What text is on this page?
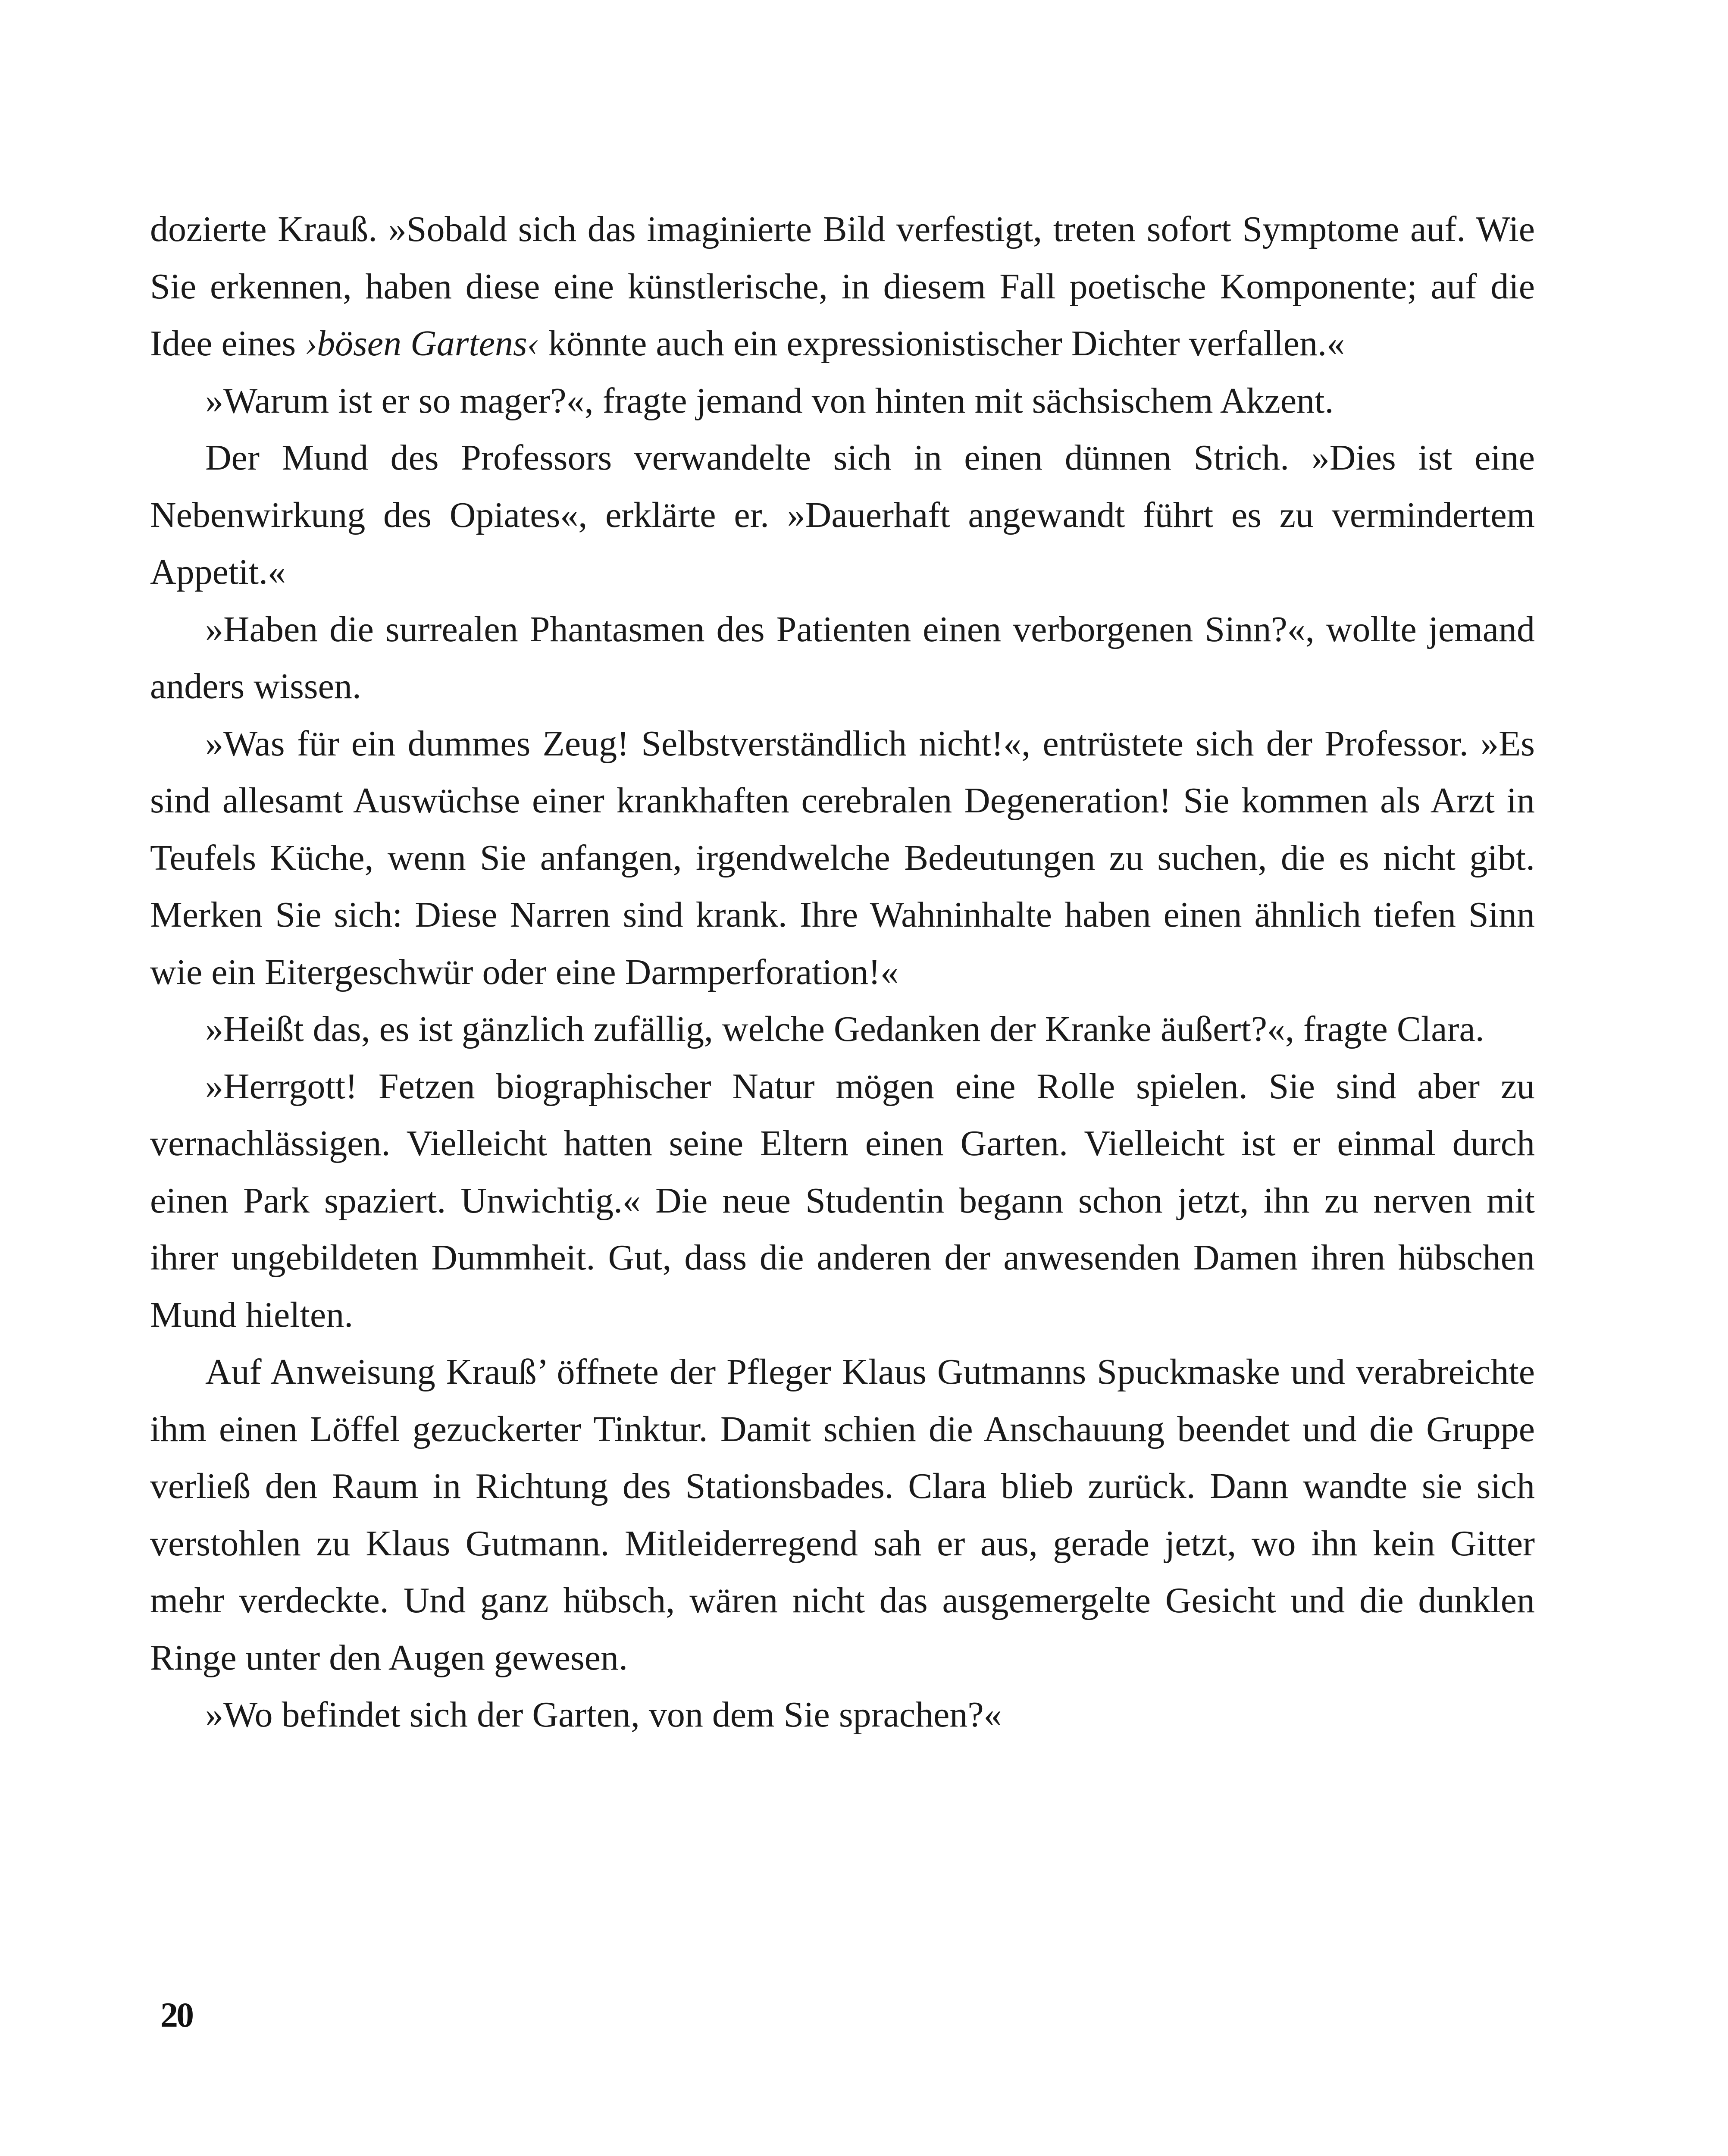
dozierte Krauß. »Sobald sich das imaginierte Bild verfestigt, treten sofort Symptome auf. Wie Sie erkennen, haben diese eine künstlerische, in diesem Fall poetische Komponente; auf die Idee eines ›bösen Gartens‹ könnte auch ein expressionistischer Dichter verfallen.«

»Warum ist er so mager?«, fragte jemand von hinten mit sächsischem Akzent.

Der Mund des Professors verwandelte sich in einen dünnen Strich. »Dies ist eine Nebenwirkung des Opiates«, erklärte er. »Dauerhaft angewandt führt es zu vermindertem Appetit.«

»Haben die surrealen Phantasmen des Patienten einen verborgenen Sinn?«, wollte jemand anders wissen.

»Was für ein dummes Zeug! Selbstverständlich nicht!«, entrüstete sich der Professor. »Es sind allesamt Auswüchse einer krankhaften cerebralen Degeneration! Sie kommen als Arzt in Teufels Küche, wenn Sie anfangen, irgendwelche Bedeutungen zu suchen, die es nicht gibt. Merken Sie sich: Diese Narren sind krank. Ihre Wahninhalte haben einen ähnlich tiefen Sinn wie ein Eitergeschwür oder eine Darmperforation!«

»Heißt das, es ist gänzlich zufällig, welche Gedanken der Kranke äußert?«, fragte Clara.

»Herrgott! Fetzen biographischer Natur mögen eine Rolle spielen. Sie sind aber zu vernachlässigen. Vielleicht hatten seine Eltern einen Garten. Vielleicht ist er einmal durch einen Park spaziert. Unwichtig.« Die neue Studentin begann schon jetzt, ihn zu nerven mit ihrer ungebildeten Dummheit. Gut, dass die anderen der anwesenden Damen ihren hübschen Mund hielten.

Auf Anweisung Krauß’ öffnete der Pfleger Klaus Gutmanns Spuckmaske und verabreichte ihm einen Löffel gezuckerter Tinktur. Damit schien die Anschauung beendet und die Gruppe verließ den Raum in Richtung des Stationsbades. Clara blieb zurück. Dann wandte sie sich verstohlen zu Klaus Gutmann. Mitleiderregend sah er aus, gerade jetzt, wo ihn kein Gitter mehr verdeckte. Und ganz hübsch, wären nicht das ausgemergelte Gesicht und die dunklen Ringe unter den Augen gewesen.

»Wo befindet sich der Garten, von dem Sie sprachen?«

20
